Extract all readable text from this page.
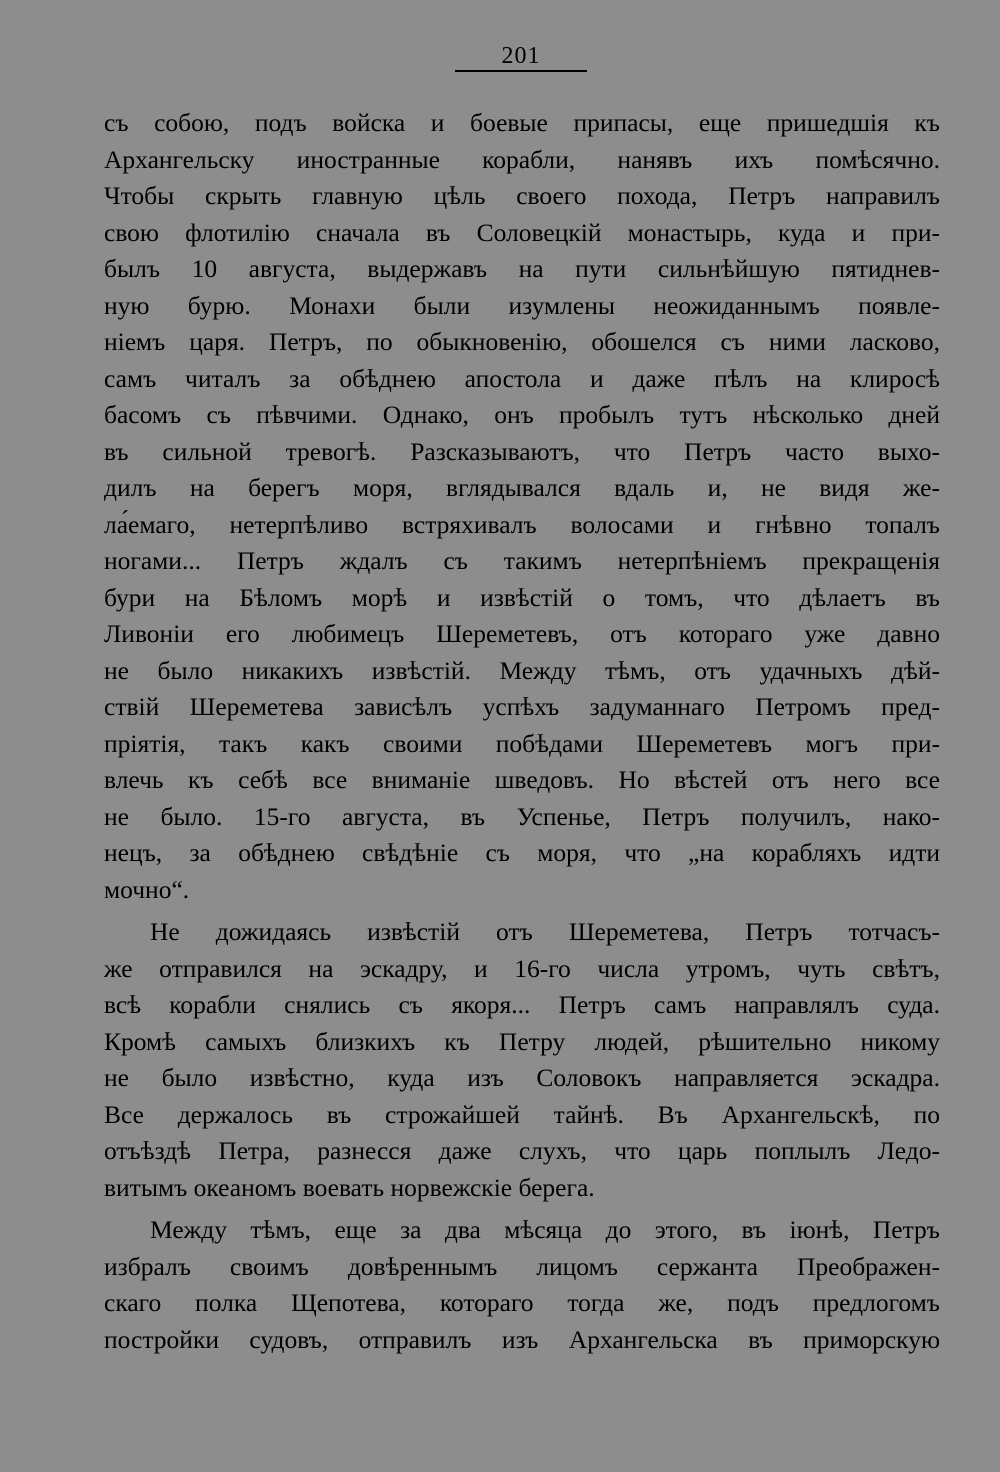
201
съ собою, подъ войска и боевые припасы, еще пришедшія къ
Архангельску иностранные корабли, нанявъ ихъ помѣсячно.
Чтобы скрыть главную цѣль своего похода, Петръ направилъ
свою флотилію сначала въ Соловецкій монастырь, куда и при-
былъ 10 августа, выдержавъ на пути сильнѣйшую пятиднев-
ную бурю. Монахи были изумлены неожиданнымъ появле-
ніемъ царя. Петръ, по обыкновенію, обошелся съ ними ласково,
самъ читалъ за обѣднею апостола и даже пѣлъ на клиросѣ
басомъ съ пѣвчими. Однако, онъ пробылъ тутъ нѣсколько дней
въ сильной тревогѣ. Разсказываютъ, что Петръ часто выхо-
дилъ на берегъ моря, вглядывался вдаль и, не видя же-
ла́емаго, нетерпѣливо встряхивалъ волосами и гнѣвно топалъ
ногами... Петръ ждалъ съ такимъ нетерпѣніемъ прекращенія
бури на Бѣломъ морѣ и извѣстій о томъ, что дѣлаетъ въ
Ливоніи его любимецъ Шереметевъ, отъ котораго уже давно
не было никакихъ извѣстій. Между тѣмъ, отъ удачныхъ дѣй-
ствій Шереметева зависѣлъ успѣхъ задуманнаго Петромъ пред-
пріятія, такъ какъ своими побѣдами Шереметевъ могъ при-
влечь къ себѣ все вниманіе шведовъ. Но вѣстей отъ него все
не было. 15-го августа, въ Успенье, Петръ получилъ, нако-
нецъ, за обѣднею свѣдѣніе съ моря, что „на корабляхъ идти
мочно“.
Не дожидаясь извѣстій отъ Шереметева, Петръ тотчасъ-
же отправился на эскадру, и 16-го числа утромъ, чуть свѣтъ,
всѣ корабли снялись съ якоря... Петръ самъ направлялъ суда.
Кромѣ самыхъ близкихъ къ Петру людей, рѣшительно никому
не было извѣстно, куда изъ Соловокъ направляется эскадра.
Все держалось въ строжайшей тайнѣ. Въ Архангельскѣ, по
отъѣздѣ Петра, разнесся даже слухъ, что царь поплылъ Ледо-
витымъ океаномъ воевать норвежскіе берега.
Между тѣмъ, еще за два мѣсяца до этого, въ іюнѣ, Петръ
избралъ своимъ довѣреннымъ лицомъ сержанта Преображен-
скаго полка Щепотева, котораго тогда же, подъ предлогомъ
постройки судовъ, отправилъ изъ Архангельска въ приморскую
